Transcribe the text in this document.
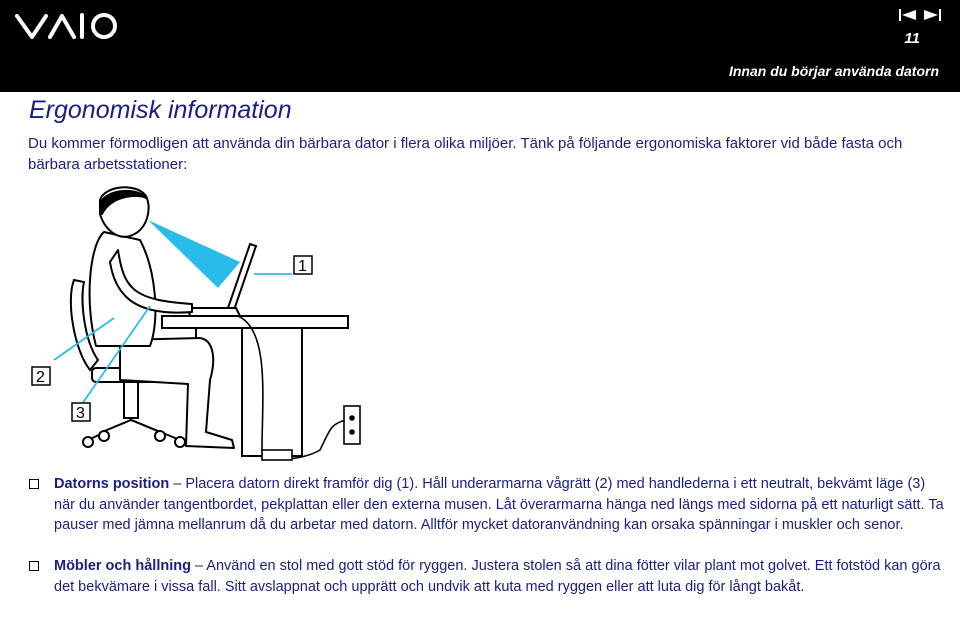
11
Innan du börjar använda datorn
Ergonomisk information

Du kommer förmodligen att använda din bärbara dator i flera olika miljöer. Tänk på följande ergonomiska faktorer vid både fasta och bärbara arbetsstationer:

1
2
3
Datorns position – Placera datorn direkt framför dig (1). Håll underarmarna vågrätt (2) med handlederna i ett neutralt, bekvämt läge (3) när du använder tangentbordet, pekplattan eller den externa musen. Låt överarmarna hänga ned längs med sidorna på ett naturligt sätt. Ta pauser med jämna mellanrum då du arbetar med datorn. Alltför mycket datoranvändning kan orsaka spänningar i muskler och senor.
Möbler och hållning – Använd en stol med gott stöd för ryggen. Justera stolen så att dina fötter vilar plant mot golvet. Ett fotstöd kan göra det bekvämare i vissa fall. Sitt avslappnat och upprätt och undvik att kuta med ryggen eller att luta dig för långt bakåt.
